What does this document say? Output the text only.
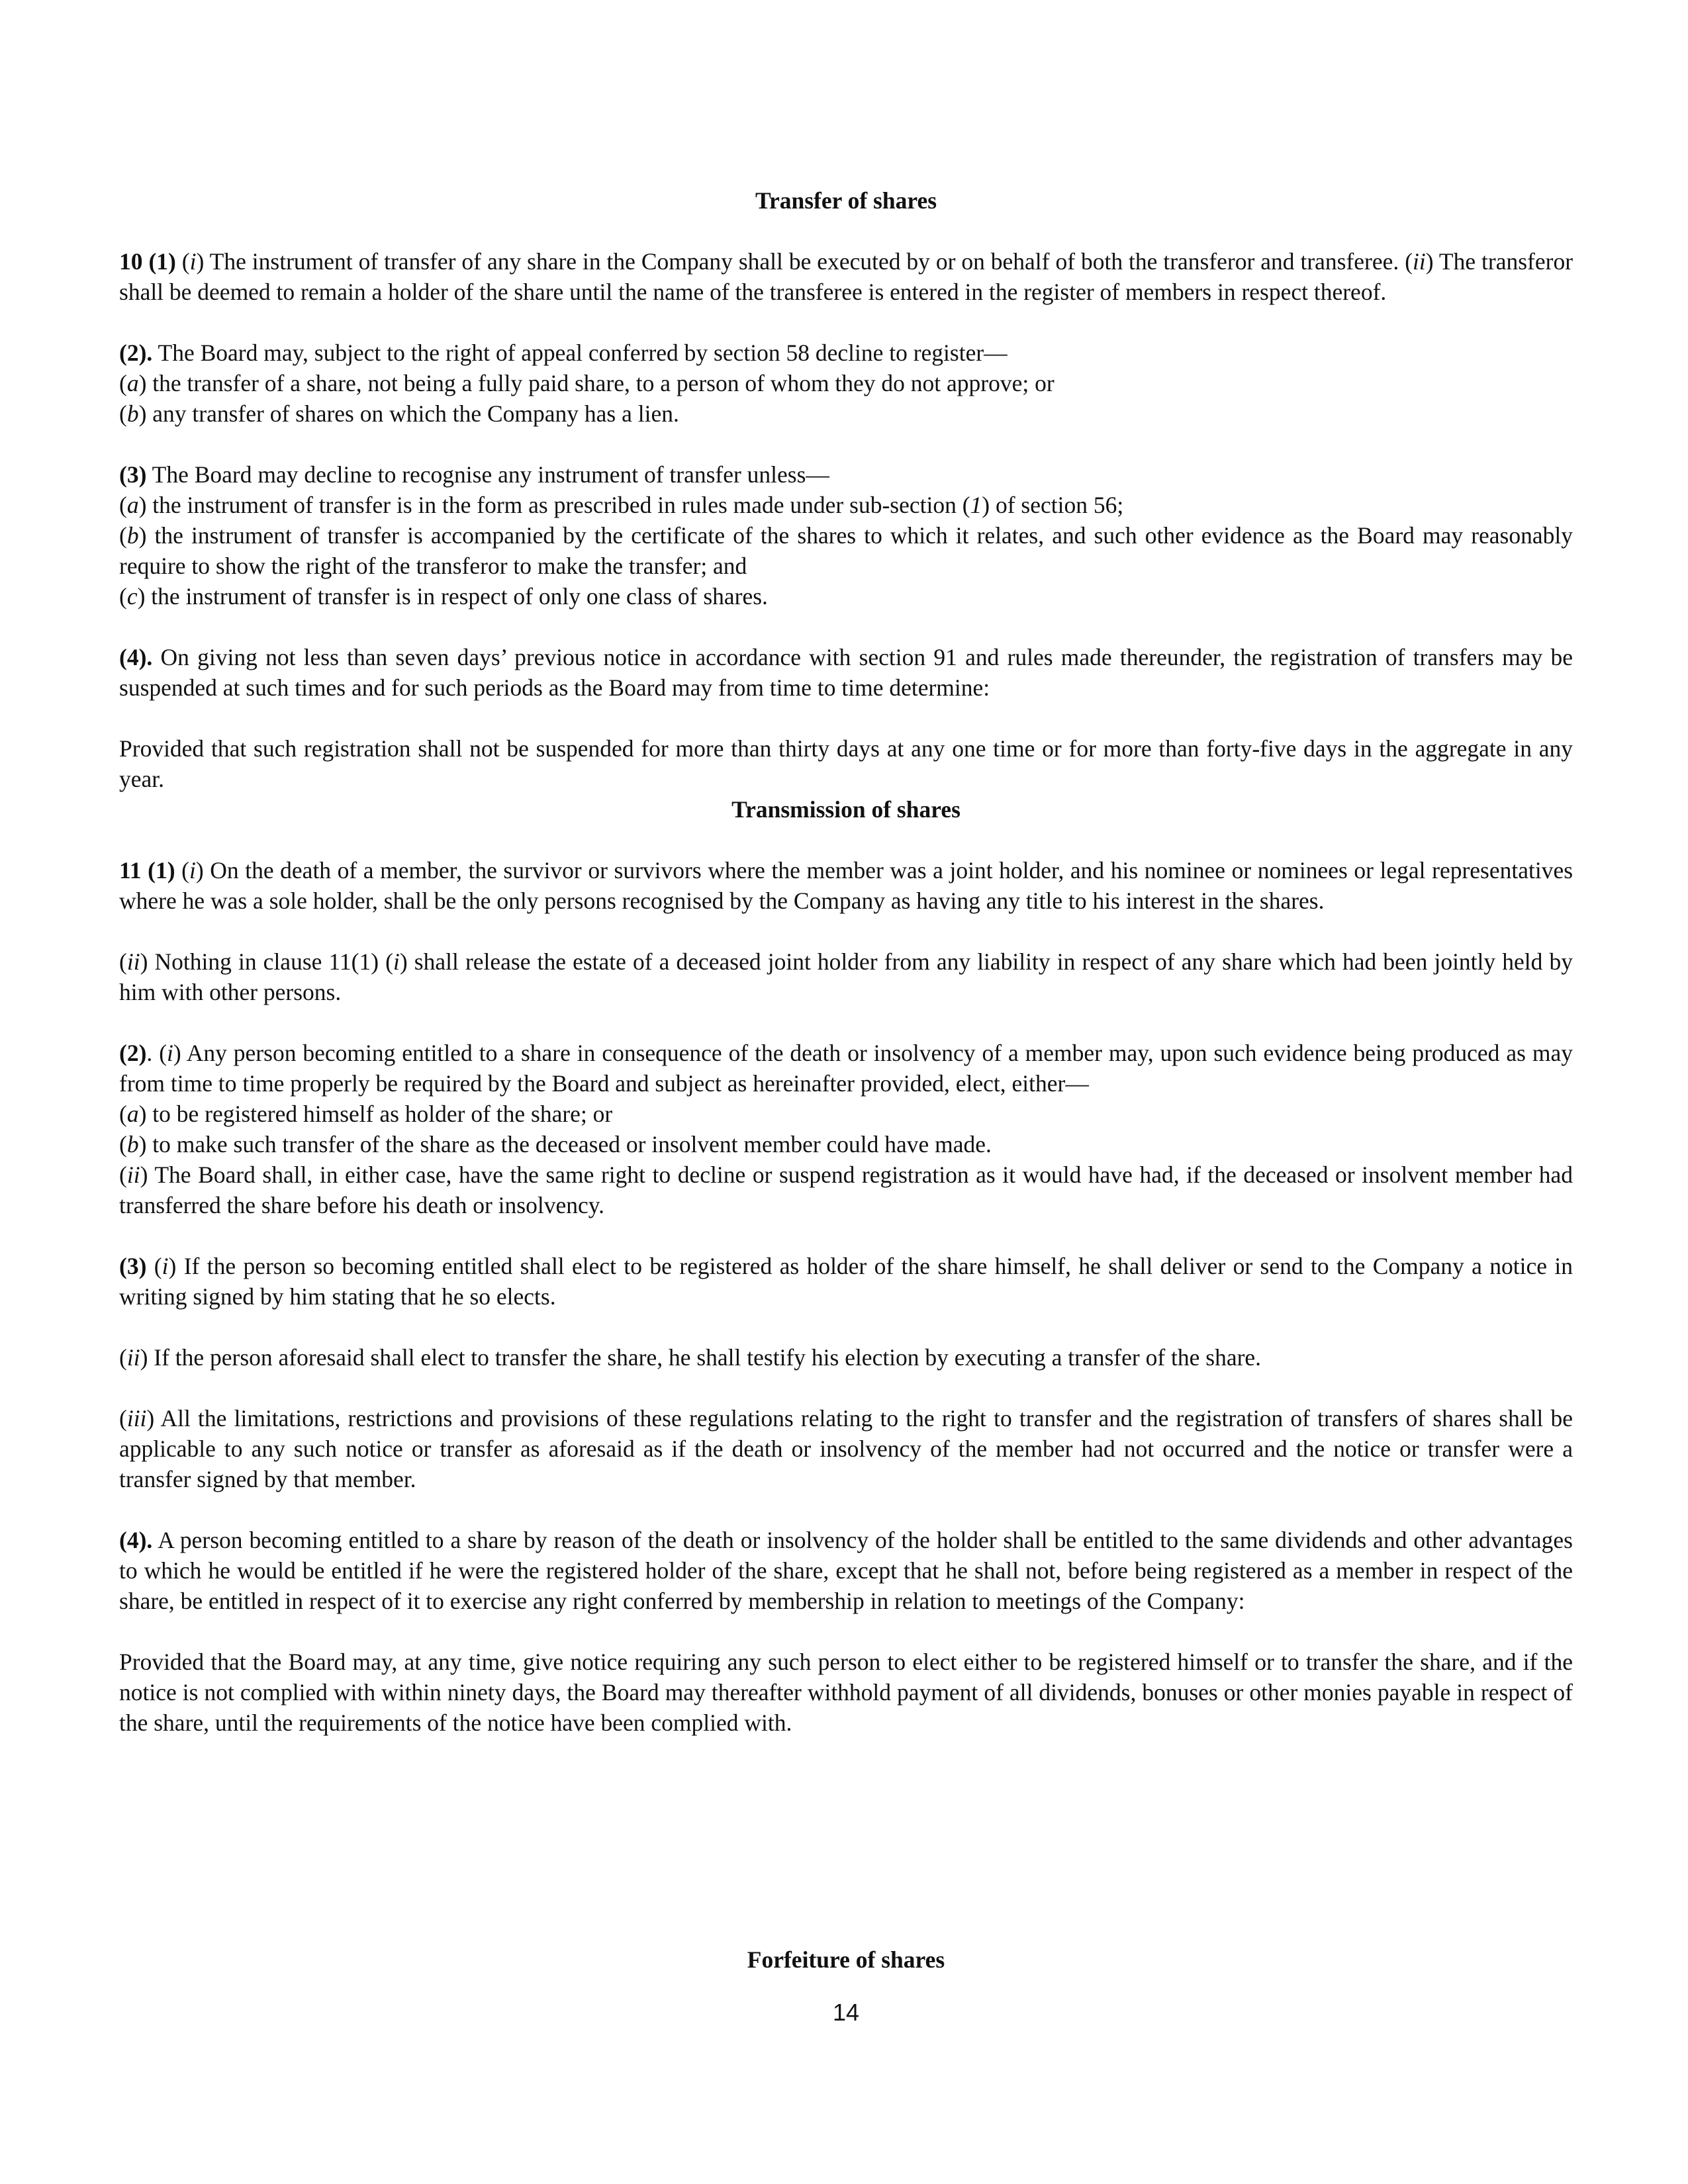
Transfer of shares

10 (1) (i) The instrument of transfer of any share in the Company shall be executed by or on behalf of both the transferor and transferee. (ii) The transferor shall be deemed to remain a holder of the share until the name of the transferee is entered in the register of members in respect thereof.

(2). The Board may, subject to the right of appeal conferred by section 58 decline to register—
(a) the transfer of a share, not being a fully paid share, to a person of whom they do not approve; or
(b) any transfer of shares on which the Company has a lien.

(3) The Board may decline to recognise any instrument of transfer unless—
(a) the instrument of transfer is in the form as prescribed in rules made under sub-section (1) of section 56;
(b) the instrument of transfer is accompanied by the certificate of the shares to which it relates, and such other evidence as the Board may reasonably require to show the right of the transferor to make the transfer; and
(c) the instrument of transfer is in respect of only one class of shares.

(4). On giving not less than seven days’ previous notice in accordance with section 91 and rules made thereunder, the registration of transfers may be suspended at such times and for such periods as the Board may from time to time determine:

Provided that such registration shall not be suspended for more than thirty days at any one time or for more than forty-five days in the aggregate in any year.

Transmission of shares

11 (1) (i) On the death of a member, the survivor or survivors where the member was a joint holder, and his nominee or nominees or legal representatives where he was a sole holder, shall be the only persons recognised by the Company as having any title to his interest in the shares.

(ii) Nothing in clause 11(1) (i) shall release the estate of a deceased joint holder from any liability in respect of any share which had been jointly held by him with other persons.

(2). (i) Any person becoming entitled to a share in consequence of the death or insolvency of a member may, upon such evidence being produced as may from time to time properly be required by the Board and subject as hereinafter provided, elect, either—
(a) to be registered himself as holder of the share; or
(b) to make such transfer of the share as the deceased or insolvent member could have made.
(ii) The Board shall, in either case, have the same right to decline or suspend registration as it would have had, if the deceased or insolvent member had transferred the share before his death or insolvency.

(3) (i) If the person so becoming entitled shall elect to be registered as holder of the share himself, he shall deliver or send to the Company a notice in writing signed by him stating that he so elects.

(ii) If the person aforesaid shall elect to transfer the share, he shall testify his election by executing a transfer of the share.

(iii) All the limitations, restrictions and provisions of these regulations relating to the right to transfer and the registration of transfers of shares shall be applicable to any such notice or transfer as aforesaid as if the death or insolvency of the member had not occurred and the notice or transfer were a transfer signed by that member.

(4). A person becoming entitled to a share by reason of the death or insolvency of the holder shall be entitled to the same dividends and other advantages to which he would be entitled if he were the registered holder of the share, except that he shall not, before being registered as a member in respect of the share, be entitled in respect of it to exercise any right conferred by membership in relation to meetings of the Company:

Provided that the Board may, at any time, give notice requiring any such person to elect either to be registered himself or to transfer the share, and if the notice is not complied with within ninety days, the Board may thereafter withhold payment of all dividends, bonuses or other monies payable in respect of the share, until the requirements of the notice have been complied with.

Forfeiture of shares
14
